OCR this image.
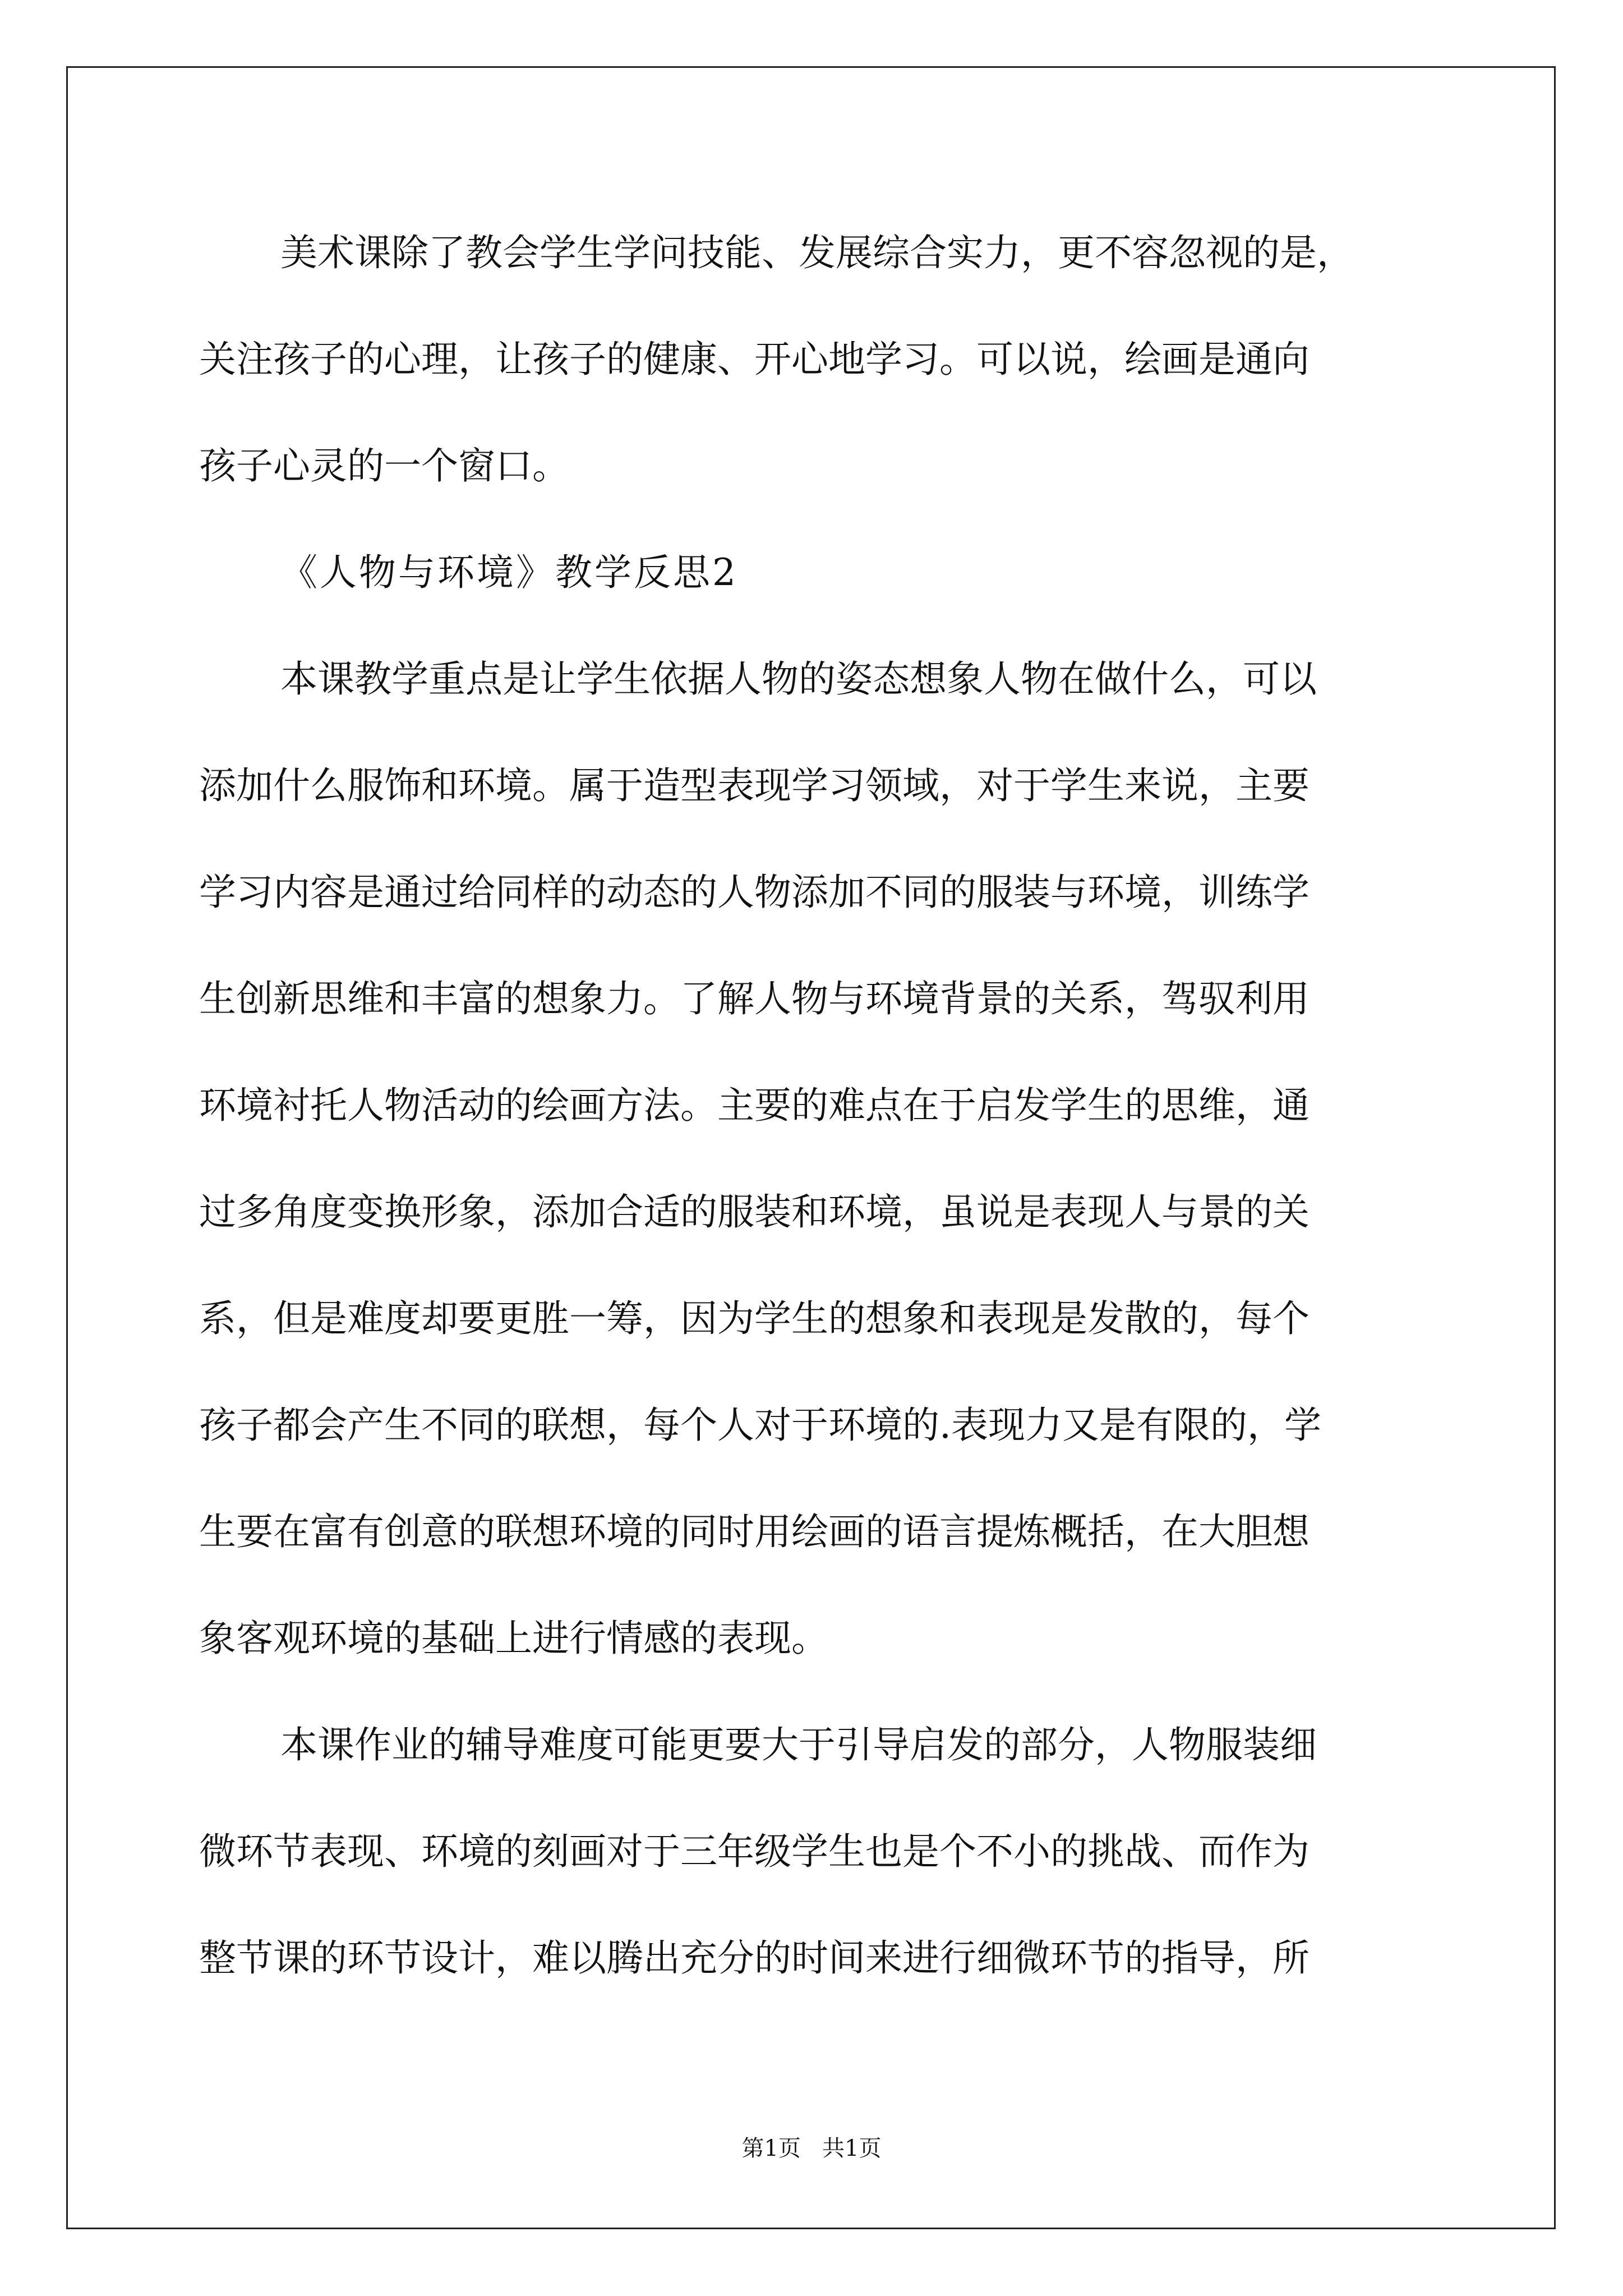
美术课除了教会学生学问技能、发展综合实力，更不容忽视的是，
关注孩子的心理，让孩子的健康、开心地学习。可以说，绘画是通向
孩子心灵的一个窗口。
《人物与环境》教学反思2
本课教学重点是让学生依据人物的姿态想象人物在做什么，可以
添加什么服饰和环境。属于造型表现学习领域，对于学生来说，主要
学习内容是通过给同样的动态的人物添加不同的服装与环境，训练学
生创新思维和丰富的想象力。了解人物与环境背景的关系，驾驭利用
环境衬托人物活动的绘画方法。主要的难点在于启发学生的思维，通
过多角度变换形象，添加合适的服装和环境，虽说是表现人与景的关
系，但是难度却要更胜一筹，因为学生的想象和表现是发散的，每个
孩子都会产生不同的联想，每个人对于环境的.表现力又是有限的，学
生要在富有创意的联想环境的同时用绘画的语言提炼概括，在大胆想
象客观环境的基础上进行情感的表现。
本课作业的辅导难度可能更要大于引导启发的部分，人物服装细
微环节表现、环境的刻画对于三年级学生也是个不小的挑战、而作为
整节课的环节设计，难以腾出充分的时间来进行细微环节的指导，所
第1页   共1页
